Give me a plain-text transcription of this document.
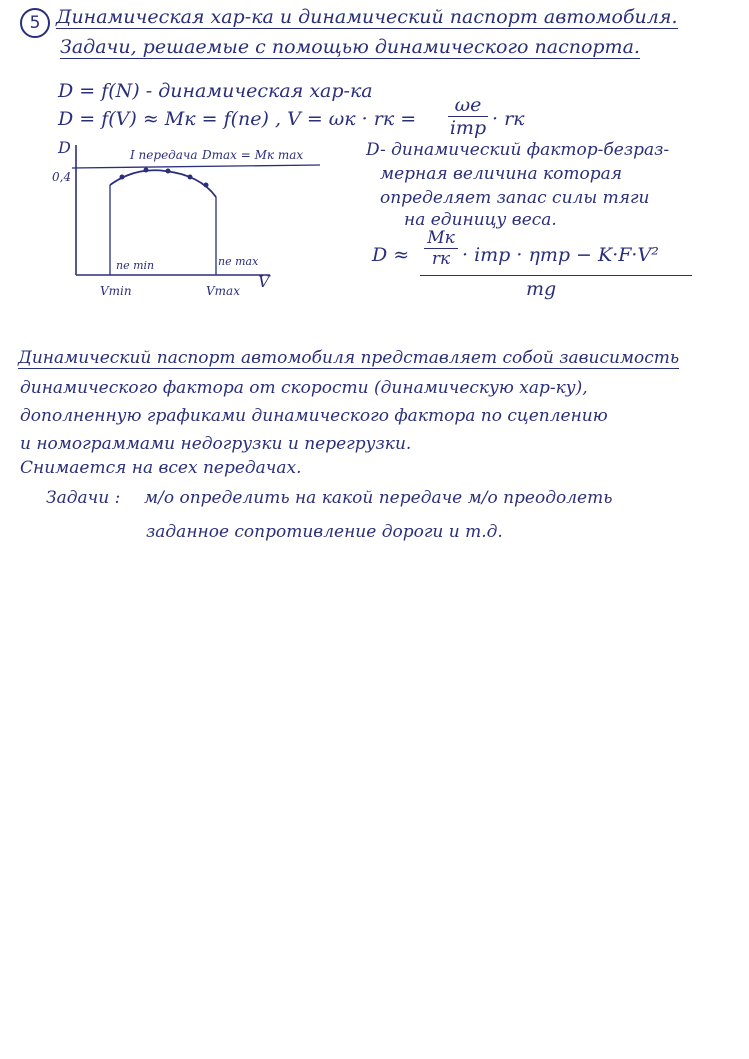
5 Динамическая хар-ка и динамический паспорт автомобиля.
Задачи, решаемые с помощью динамического паспорта.
D = f(N) - динамическая хар-ка
D = f(V) ≈ Mк = f(ne) , V = ωк · rк =
ωe
iтр · rк
D
0,4
I передача Dmax = Mк max
ne min	ne max
Vmin	Vmax V
D- динамический фактор-безраз-
мерная величина которая
определяет запас силы тяги
на единицу веса.
D ≈
Mк
rк · iтр · ηтр − K·F·V²
mg
Динамический паспорт автомобиля представляет собой зависимость
динамического фактора от скорости (динамическую хар-ку),
дополненную графиками динамического фактора по сцеплению
и номограммами недогрузки и перегрузки.
Снимается на всех передачах.
Задачи : м/о определить на какой передаче м/о преодолеть
заданное сопротивление дороги и т.д.
